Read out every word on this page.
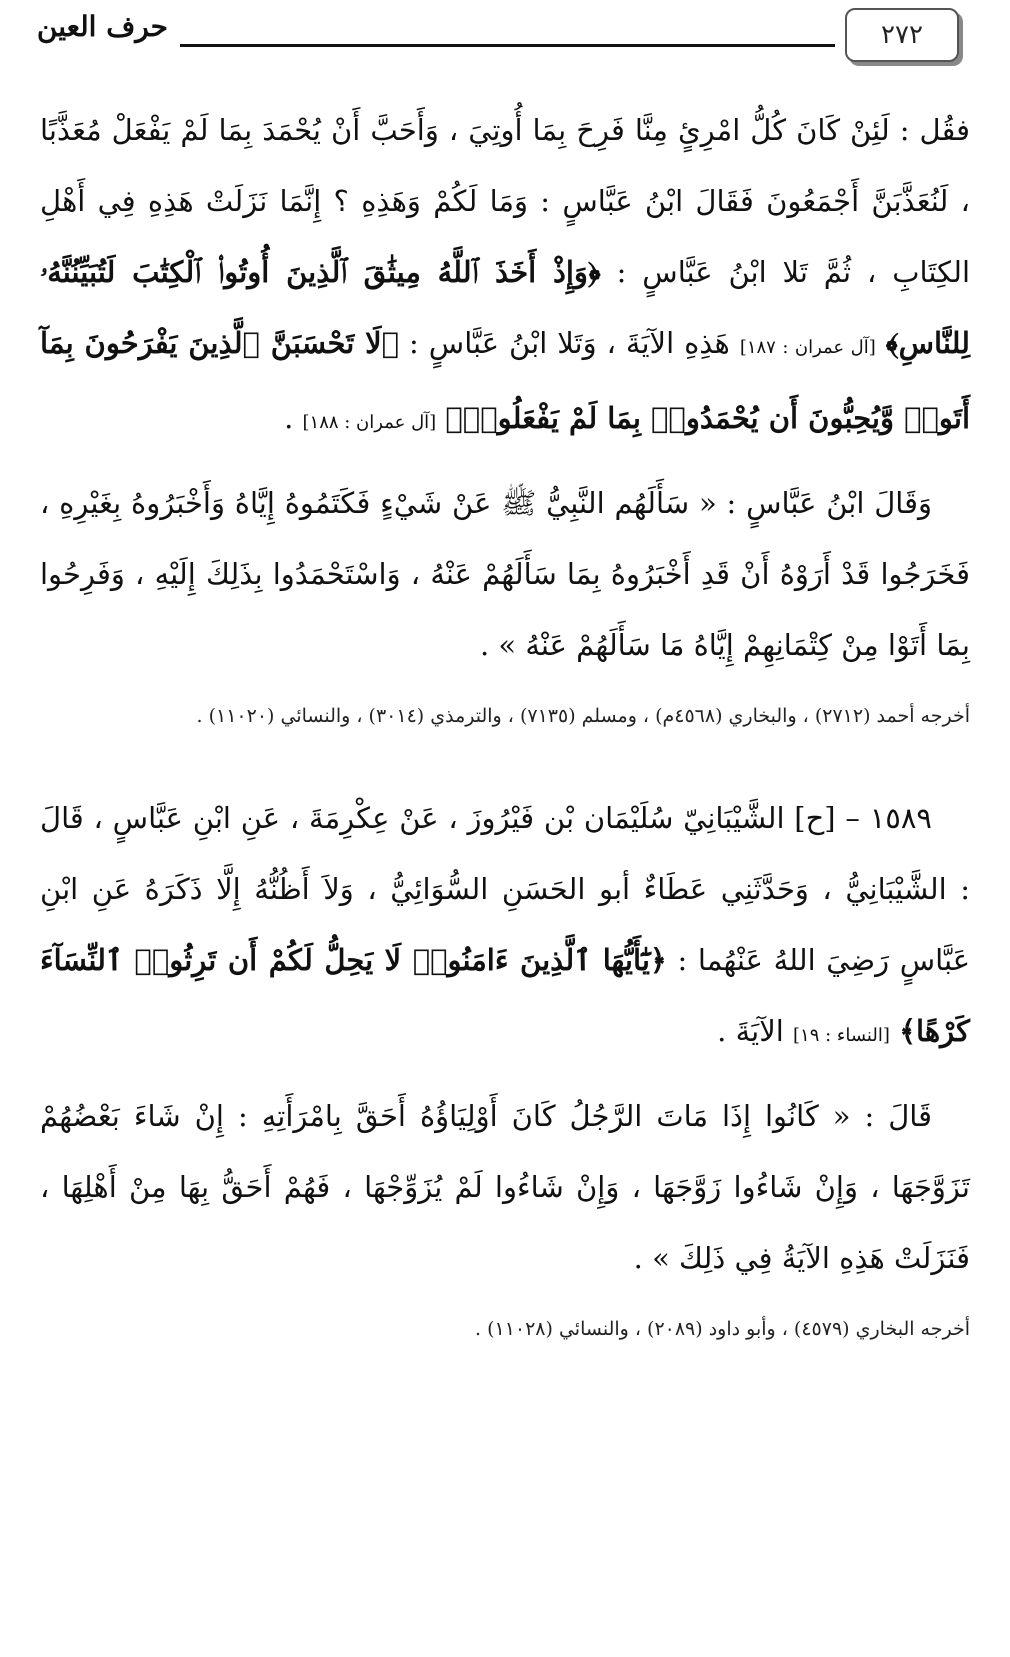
٢٧٢
حرف العين

فقُل : لَئِنْ كَانَ كُلُّ امْرِئٍ مِنَّا فَرِحَ بِمَا أُوتِيَ ، وَأَحَبَّ أَنْ يُحْمَدَ بِمَا لَمْ يَفْعَلْ مُعَذَّبًا ، لَنُعَذَّبَنَّ أَجْمَعُونَ فَقَالَ ابْنُ عَبَّاسٍ : وَمَا لَكُمْ وَهَذِهِ ؟ إِنَّمَا نَزَلَتْ هَذِهِ فِي أَهْلِ الكِتَابِ ، ثُمَّ تَلا ابْنُ عَبَّاسٍ : ﴿وَإِذْ أَخَذَ ٱللَّهُ مِيثَٰقَ ٱلَّذِينَ أُوتُوا۟ ٱلْكِتَٰبَ لَتُبَيِّنُنَّهُۥ لِلنَّاسِ﴾ [آل عمران : ١٨٧] هَذِهِ الآيَةَ ، وَتَلا ابْنُ عَبَّاسٍ : ﴿لَا تَحْسَبَنَّ ٱلَّذِينَ يَفْرَحُونَ بِمَآ أَتَوا۟ وَّيُحِبُّونَ أَن يُحْمَدُوا۟ بِمَا لَمْ يَفْعَلُوا۟﴾ [آل عمران : ١٨٨] .

وَقَالَ ابْنُ عَبَّاسٍ : « سَأَلَهُم النَّبِيُّ ﷺ عَنْ شَيْءٍ فَكَتَمُوهُ إِيَّاهُ وَأَخْبَرُوهُ بِغَيْرِهِ ، فَخَرَجُوا قَدْ أَرَوْهُ أَنْ قَدِ أَخْبَرُوهُ بِمَا سَأَلَهُمْ عَنْهُ ، وَاسْتَحْمَدُوا بِذَلِكَ إِلَيْهِ ، وَفَرِحُوا بِمَا أَتَوْا مِنْ كِتْمَانِهِمْ إِيَّاهُ مَا سَأَلَهُمْ عَنْهُ » .

أخرجه أحمد (٢٧١٢) ، والبخاري (٤٥٦٨م) ، ومسلم (٧١٣٥) ، والترمذي (٣٠١٤) ، والنسائي (١١٠٢٠) .

١٥٨٩ – [ح] الشَّيْبَانِيّ سُلَيْمَان بْن فَيْرُوزَ ، عَنْ عِكْرِمَةَ ، عَنِ ابْنِ عَبَّاسٍ ، قَالَ : الشَّيْبَانِيُّ ، وَحَدَّثَنِي عَطَاءٌ أبو الحَسَنِ السُّوَائِيُّ ، وَلاَ أَظُنُّهُ إِلَّا ذَكَرَهُ عَنِ ابْنِ عَبَّاسٍ رَضِيَ اللهُ عَنْهُما : ﴿يَٰٓأَيُّهَا ٱلَّذِينَ ءَامَنُوا۟ لَا يَحِلُّ لَكُمْ أَن تَرِثُوا۟ ٱلنِّسَآءَ كَرْهًا﴾ [النساء : ١٩] الآيَةَ .

قَالَ : « كَانُوا إِذَا مَاتَ الرَّجُلُ كَانَ أَوْلِيَاؤُهُ أَحَقَّ بِامْرَأَتِهِ : إِنْ شَاءَ بَعْضُهُمْ تَزَوَّجَهَا ، وَإِنْ شَاءُوا زَوَّجَهَا ، وَإِنْ شَاءُوا لَمْ يُزَوِّجْهَا ، فَهُمْ أَحَقُّ بِهَا مِنْ أَهْلِهَا ، فَنَزَلَتْ هَذِهِ الآيَةُ فِي ذَلِكَ » .

أخرجه البخاري (٤٥٧٩) ، وأبو داود (٢٠٨٩) ، والنسائي (١١٠٢٨) .
